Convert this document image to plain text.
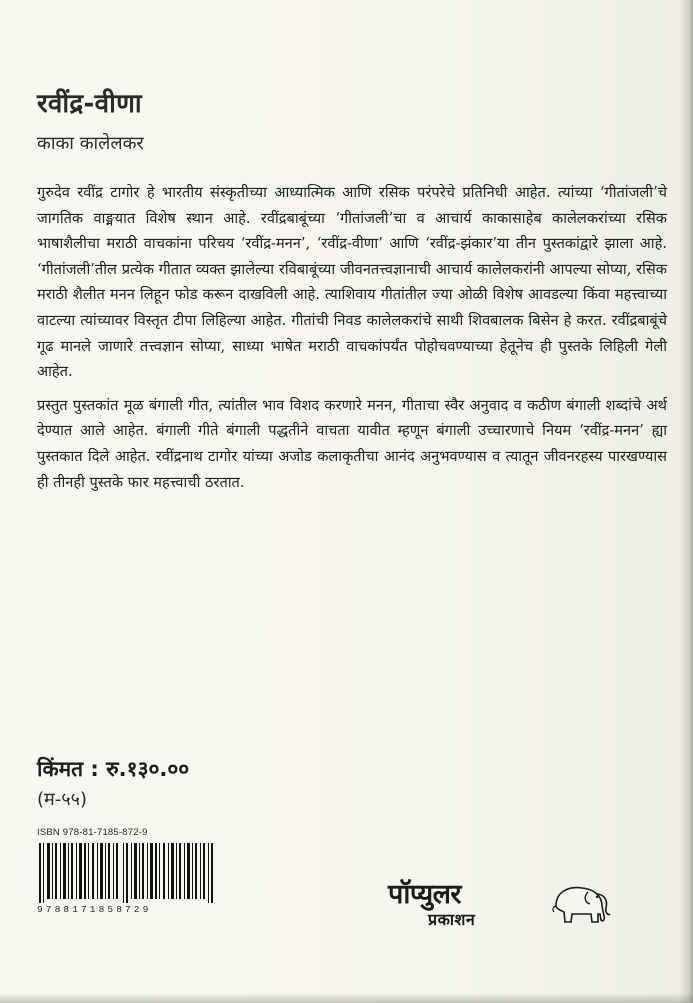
रवींद्र-वीणा
काका कालेलकर

गुरुदेव रवींद्र टागोर हे भारतीय संस्कृतीच्या आध्यात्मिक आणि रसिक परंपरेचे प्रतिनिधी आहेत. त्यांच्या ‘गीतांजली’चे जागतिक वाङ्मयात विशेष स्थान आहे. रवींद्रबाबूंच्या ‘गीतांजली’चा व आचार्य काकासाहेब कालेलकरांच्या रसिक भाषाशैलीचा मराठी वाचकांना परिचय ‘रवींद्र-मनन’, ‘रवींद्र-वीणा’ आणि ‘रवींद्र-झंकार’या तीन पुस्तकांद्वारे झाला आहे. ‘गीतांजली’तील प्रत्येक गीतात व्यक्त झालेल्या रविबाबूंच्या जीवनतत्त्वज्ञानाची आचार्य कालेलकरांनी आपल्या सोप्या, रसिक मराठी शैलीत मनन लिहून फोड करून दाखविली आहे. त्याशिवाय गीतांतील ज्या ओळी विशेष आवडल्या किंवा महत्त्वाच्या वाटल्या त्यांच्यावर विस्तृत टीपा लिहिल्या आहेत. गीतांची निवड कालेलकरांचे साथी शिवबालक बिसेन हे करत. रवींद्रबाबूंचे गूढ मानले जाणारे तत्त्वज्ञान सोप्या, साध्या भाषेत मराठी वाचकांपर्यंत पोहोचवण्याच्या हेतूनेच ही पुस्तके लिहिली गेली आहेत.

प्रस्तुत पुस्तकांत मूळ बंगाली गीत, त्यांतील भाव विशद करणारे मनन, गीताचा स्वैर अनुवाद व कठीण बंगाली शब्दांचे अर्थ देण्यात आले आहेत. बंगाली गीते बंगाली पद्धतीने वाचता यावीत म्हणून बंगाली उच्चारणाचे नियम ‘रवींद्र-मनन’ ह्या पुस्तकात दिले आहेत. रवींद्रनाथ टागोर यांच्या अजोड कलाकृतीचा आनंद अनुभवण्यास व त्यातून जीवनरहस्य पारखण्यास ही तीनही पुस्तके फार महत्त्वाची ठरतात.

किंमत : रु.१३०.००
(म-५५)
ISBN 978-81-7185-872-9
9788171858729	पॉप्युलर
प्रकाशन
